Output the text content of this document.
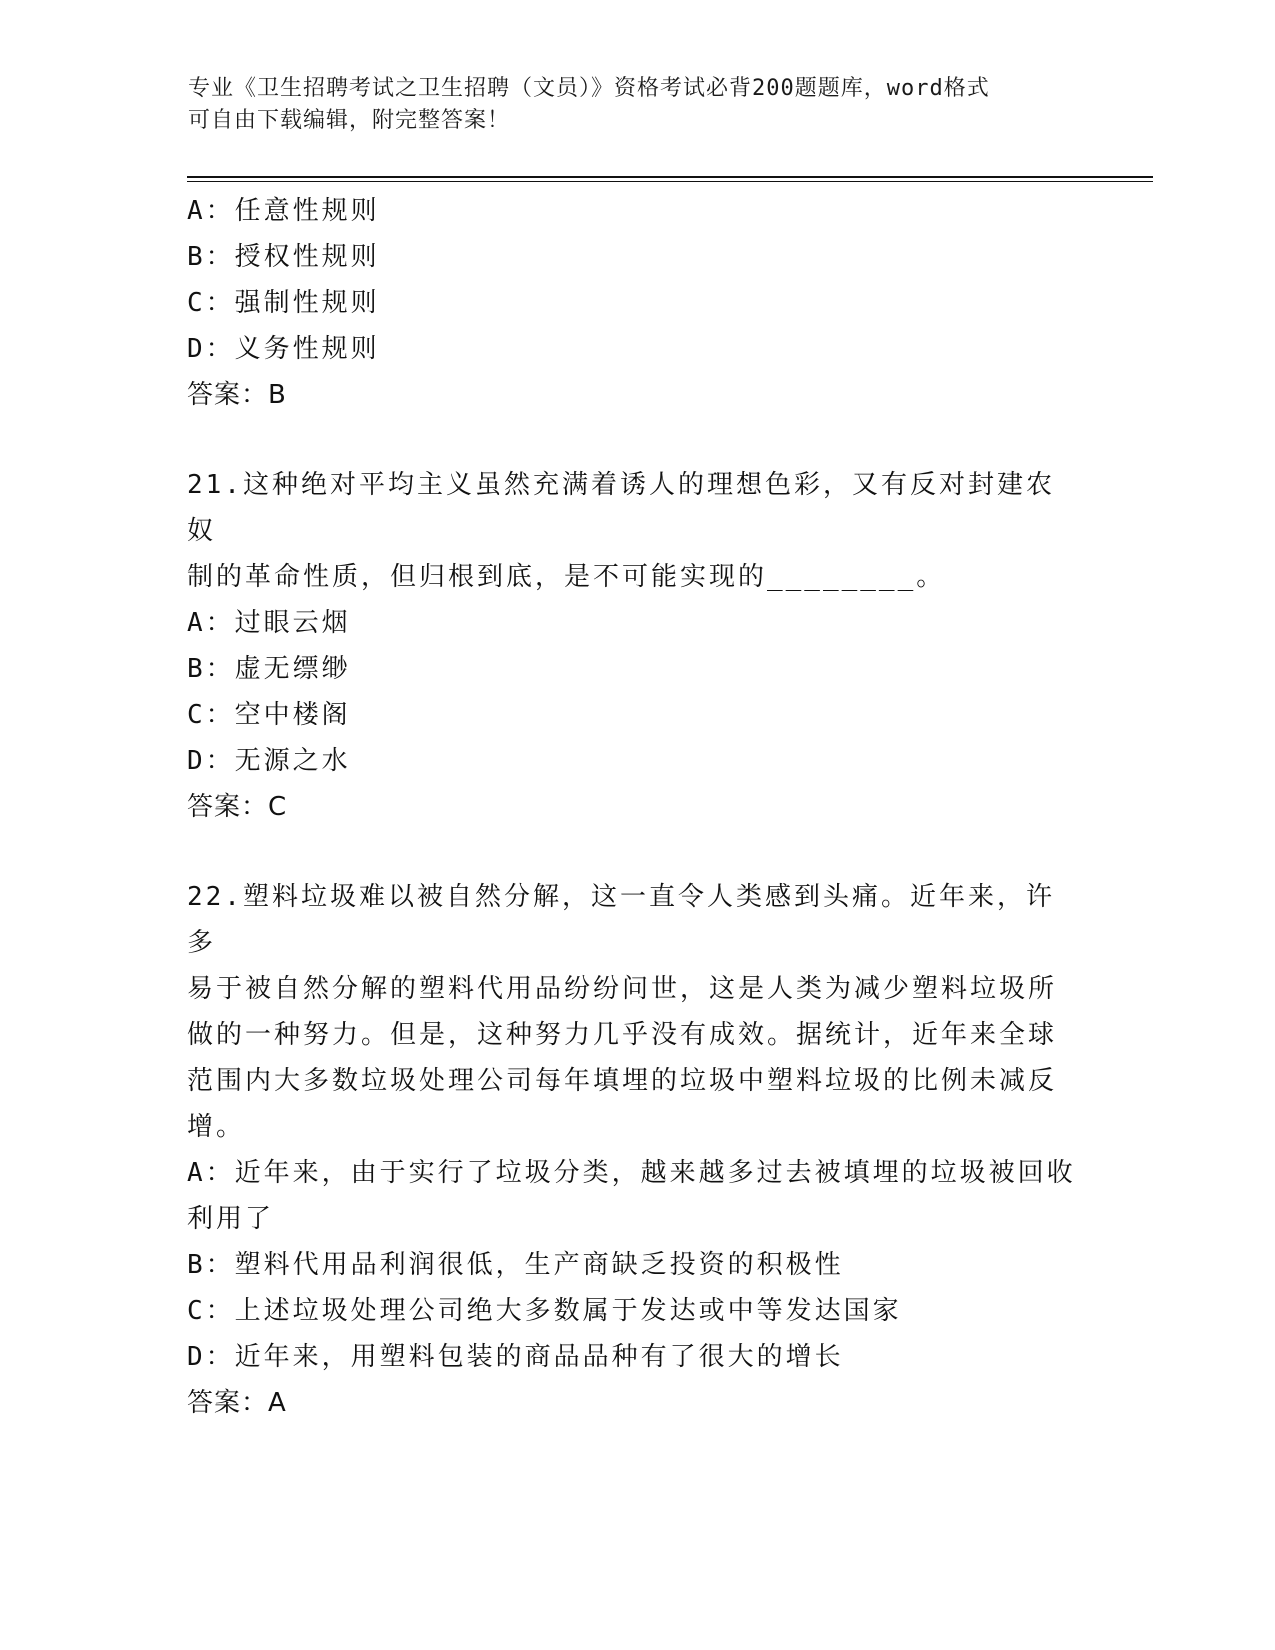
专业《卫生招聘考试之卫生招聘（文员）》资格考试必背200题题库，word格式
可自由下载编辑，附完整答案！

A：任意性规则

B：授权性规则

C：强制性规则

D：义务性规则

答案：B

21.这种绝对平均主义虽然充满着诱人的理想色彩，又有反对封建农奴

制的革命性质，但归根到底，是不可能实现的________。

A：过眼云烟

B：虚无缥缈

C：空中楼阁

D：无源之水

答案：C

22.塑料垃圾难以被自然分解，这一直令人类感到头痛。近年来，许多

易于被自然分解的塑料代用品纷纷问世，这是人类为减少塑料垃圾所

做的一种努力。但是，这种努力几乎没有成效。据统计，近年来全球

范围内大多数垃圾处理公司每年填埋的垃圾中塑料垃圾的比例未减反

增。

A：近年来，由于实行了垃圾分类，越来越多过去被填埋的垃圾被回收

利用了

B：塑料代用品利润很低，生产商缺乏投资的积极性

C：上述垃圾处理公司绝大多数属于发达或中等发达国家

D：近年来，用塑料包装的商品品种有了很大的增长

答案：A
